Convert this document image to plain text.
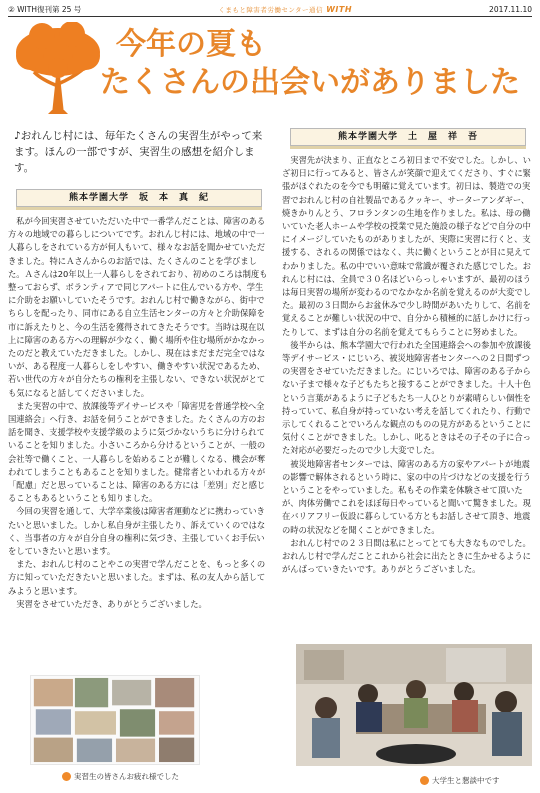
② WITH復刊第 25 号	くまもと障害者労働センター通信 WITH	2017.11.10
今年の夏も
たくさんの出会いがありました

♪おれんじ村には、毎年たくさんの実習生がやって来ます。ほんの一部ですが、実習生の感想を紹介します。

熊本学園大学　坂　本　真　紀

私が今回実習させていただいた中で一番学んだことは、障害のある方々の地域での暮らしについてです。おれんじ村には、地域の中で一人暮らしをされている方が何人もいて、様々なお話を聞かせていただきました。特にＡさんからのお話では、たくさんのことを学びました。Ａさんは20年以上一人暮らしをされており、初めのころは制度も整っておらず、ボランティアで同じアパートに住んでいる方や、学生に介助をお願いしていたそうです。おれんじ村で働きながら、街中でちらしを配ったり、同市にある自立生活センターの方々と介助保障を市に訴えたりと、今の生活を獲得されてきたそうです。当時は現在以上に障害のある方への理解が少なく、働く場所や住む場所がかなかったのだと教えていただきました。しかし、現在はまだまだ完全ではないが、ある程度一人暮らしをしやすい、働きやすい状況であるため、若い世代の方々が自分たちの権利を主張しない、できない状況がとても気になると話してくださいました。

また実習の中で、放課後等デイサービスや「障害児を普通学校へ全国連絡会」へ行き、お話を伺うことができました。たくさんの方のお話を聞き、支援学校や支援学級のように気づかないうちに分けられていることを知りました。小さいころから分けるということが、一般の会社等で働くこと、一人暮らしを始めることが難しくなる、機会が奪われてしまうこともあることを知りました。健常者といわれる方々が「配慮」だと思っていることは、障害のある方には「差別」だと感じることもあるということも知りました。

今回の実習を通して、大学卒業後は障害者運動などに携わっていきたいと思いました。しかし私自身が主張したり、訴えていくのではなく、当事者の方々が自分自身の権利に気づき、主張していくお手伝いをしていきたいと思います。

また、おれんじ村のことやこの実習で学んだことを、もっと多くの方に知っていただきたいと思いました。まずは、私の友人から話してみようと思います。

実習をさせていただき、ありがとうございました。

熊本学園大学　土　屋　祥　吾

実習先が決まり、正直なところ初日まで不安でした。しかし、いざ初日に行ってみると、皆さんが笑顔で迎えてくださり、すぐに緊張がほぐれたのを今でも明確に覚えています。初日は、製造での実習でおれんじ村の自社製品であるクッキー、サーターアンダギー、焼きかりんとう、フロランタンの生地を作りました。私は、母の働いていた老人ホームや学校の授業で見た施設の様子などで自分の中にイメージしていたものがありましたが、実際に実習に行くと、支援する、されるの関係ではなく、共に働くということが目に見えてわかりました。私の中でいい意味で常識が覆された感じでした。おれんじ村には、全員で３０名ほどいらっしゃいますが、最初のほうは毎日実習の場所が変わるのでなかなか名前を覚えるのが大変でした。最初の３日間からお盆休みで少し時間があいたりして、名前を覚えることが難しい状況の中で、自分から積極的に話しかけに行ったりして、まずは自分の名前を覚えてもらうことに努めました。

後半からは、熊本学園大で行われた全国連絡会への参加や放課後等デイサービス・にじいろ、被災地障害者センターへの２日間ずつの実習をさせていただきました。にじいろでは、障害のある子からない子まで様々な子どもたちと接することができました。十人十色という言葉があるように子どもたち一人ひとりが素晴らしい個性を持っていて、私自身が持っていない考えを話してくれたり、行動で示してくれることでいろんな観点のものの見方があるということに気付くことができました。しかし、叱るときはその子その子に合った対応が必要だったので少し大変でした。

被災地障害者センターでは、障害のある方の家やアパートが地震の影響で解体されるという時に、家の中の片づけなどの支援を行うということをやっていました。私もその作業を体験させて頂いたが、肉体労働でこれをほぼ毎日やっていると聞いて驚きました。現在バリアフリー仮設に暮らしている方ともお話しさせて頂き、地震の時の状況などを聞くことができました。

おれんじ村での２３日間は私にとってとても大きなものでした。おれんじ村で学んだことこれから社会に出たときに生かせるようにがんばっていきたいです。ありがとうございました。

実習生の皆さんお疲れ様でした	大学生と懇談中です
